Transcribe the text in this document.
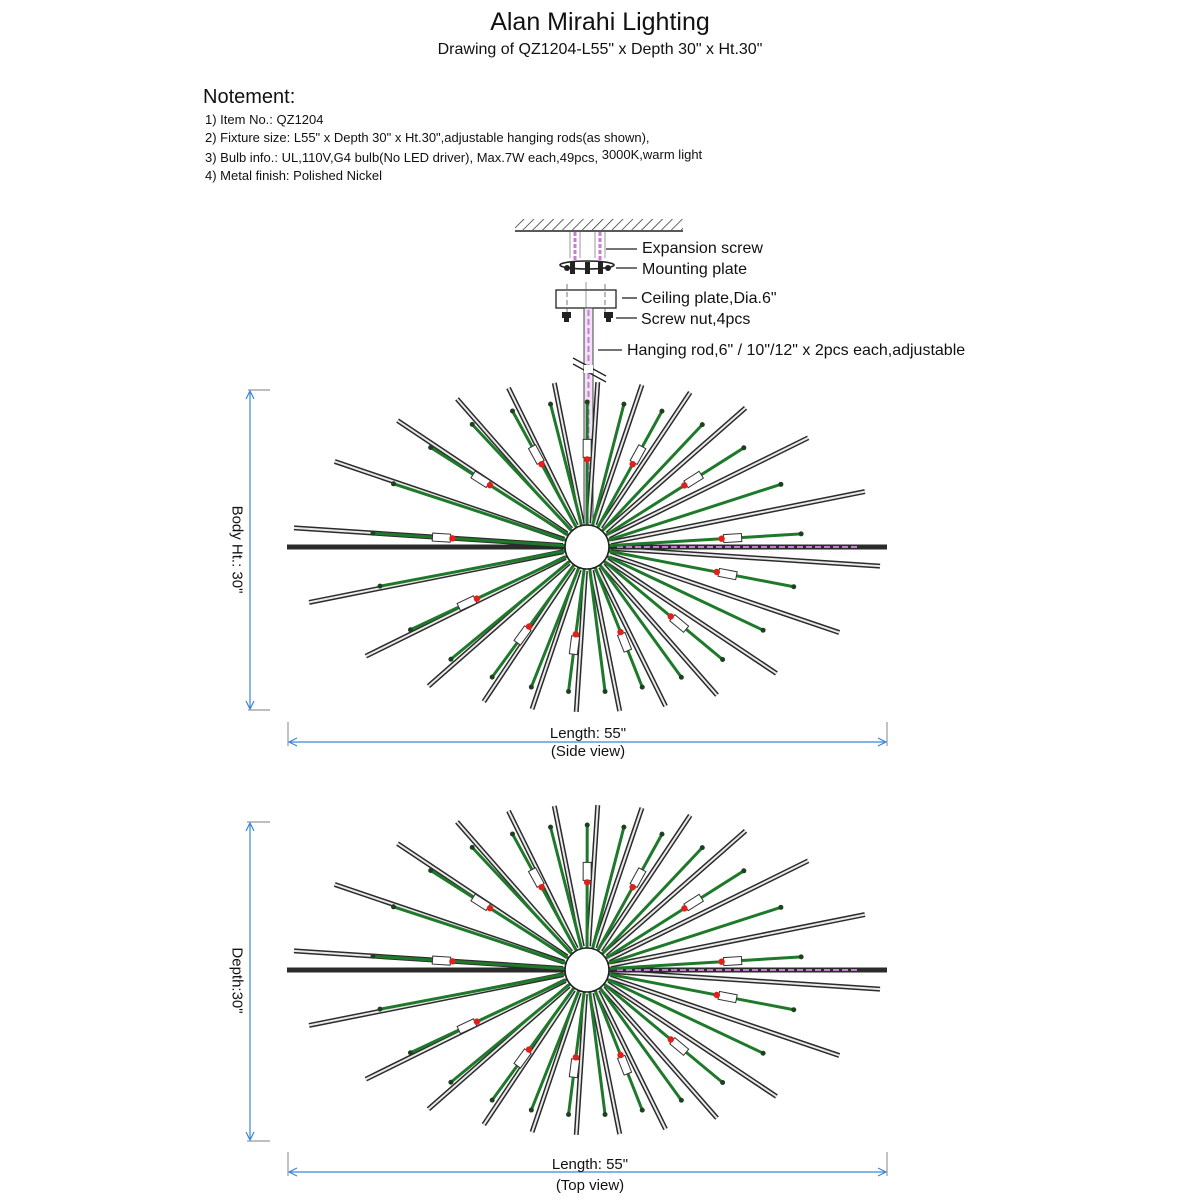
Alan Mirahi Lighting
Drawing of QZ1204-L55" x Depth 30" x Ht.30"
Notement:
1) Item No.: QZ1204
2) Fixture size: L55" x Depth 30" x Ht.30",adjustable hanging rods(as shown),
3) Bulb info.: UL,110V,G4 bulb(No LED driver), Max.7W each,49pcs, 3000K,warm light
4) Metal finish: Polished Nickel
Expansion screw
Mounting plate
Ceiling plate,Dia.6"
Screw nut,4pcs
Hanging rod,6" / 10"/12" x 2pcs each,adjustable
Body Ht.: 30"
Length: 55"
(Side view)
Depth:30"
Length: 55"
(Top view)
